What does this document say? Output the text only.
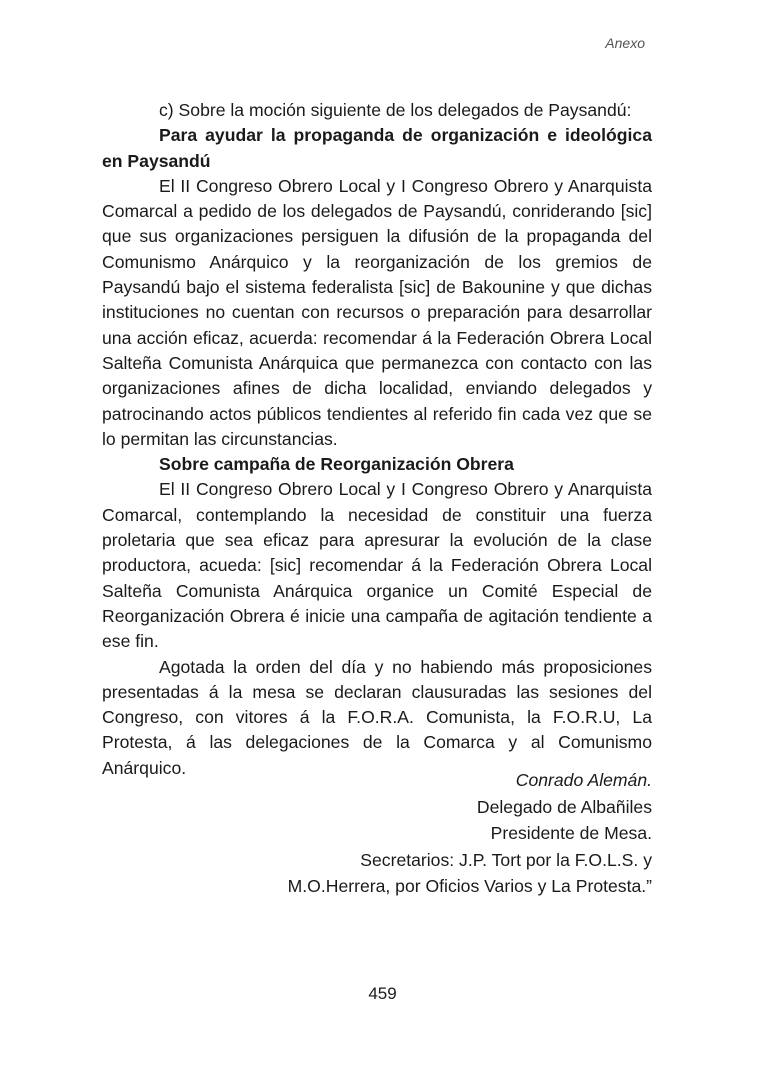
Anexo

c) Sobre la moción siguiente de los delegados de Paysandú:

Para ayudar la propaganda de organización e ideológica en Paysandú

El II Congreso Obrero Local y I Congreso Obrero y Anarquista Comarcal a pedido de los delegados de Paysandú, conriderando [sic] que sus organizaciones persiguen la difusión de la propaganda del Comunismo Anárquico y la reorganización de los gremios de Paysandú bajo el sistema federalista [sic] de Bakounine y que dichas instituciones no cuentan con recursos o preparación para desarrollar una acción eficaz, acuerda: recomendar á la Federación Obrera Local Salteña Comunista Anárquica que permanezca con contacto con las organizaciones afines de dicha localidad, enviando delegados y patrocinando actos públicos tendientes al referido fin cada vez que se lo permitan las circunstancias.

Sobre campaña de Reorganización Obrera

El II Congreso Obrero Local y I Congreso Obrero y Anarquista Comarcal, contemplando la necesidad de constituir una fuerza proletaria que sea eficaz para apresurar la evolución de la clase productora, acueda: [sic] recomendar á la Federación Obrera Local Salteña Comunista Anárquica organice un Comité Especial de Reorganización Obrera é inicie una campaña de agitación tendiente a ese fin.

Agotada la orden del día y no habiendo más proposiciones presentadas á la mesa se declaran clausuradas las sesiones del Congreso, con vitores á la F.O.R.A. Comunista, la F.O.R.U, La Protesta, á las delegaciones de la Comarca y al Comunismo Anárquico.

Conrado Alemán.
Delegado de Albañiles
Presidente de Mesa.
Secretarios: J.P. Tort por la F.O.L.S. y
M.O.Herrera, por Oficios Varios y La Protesta.”
459
